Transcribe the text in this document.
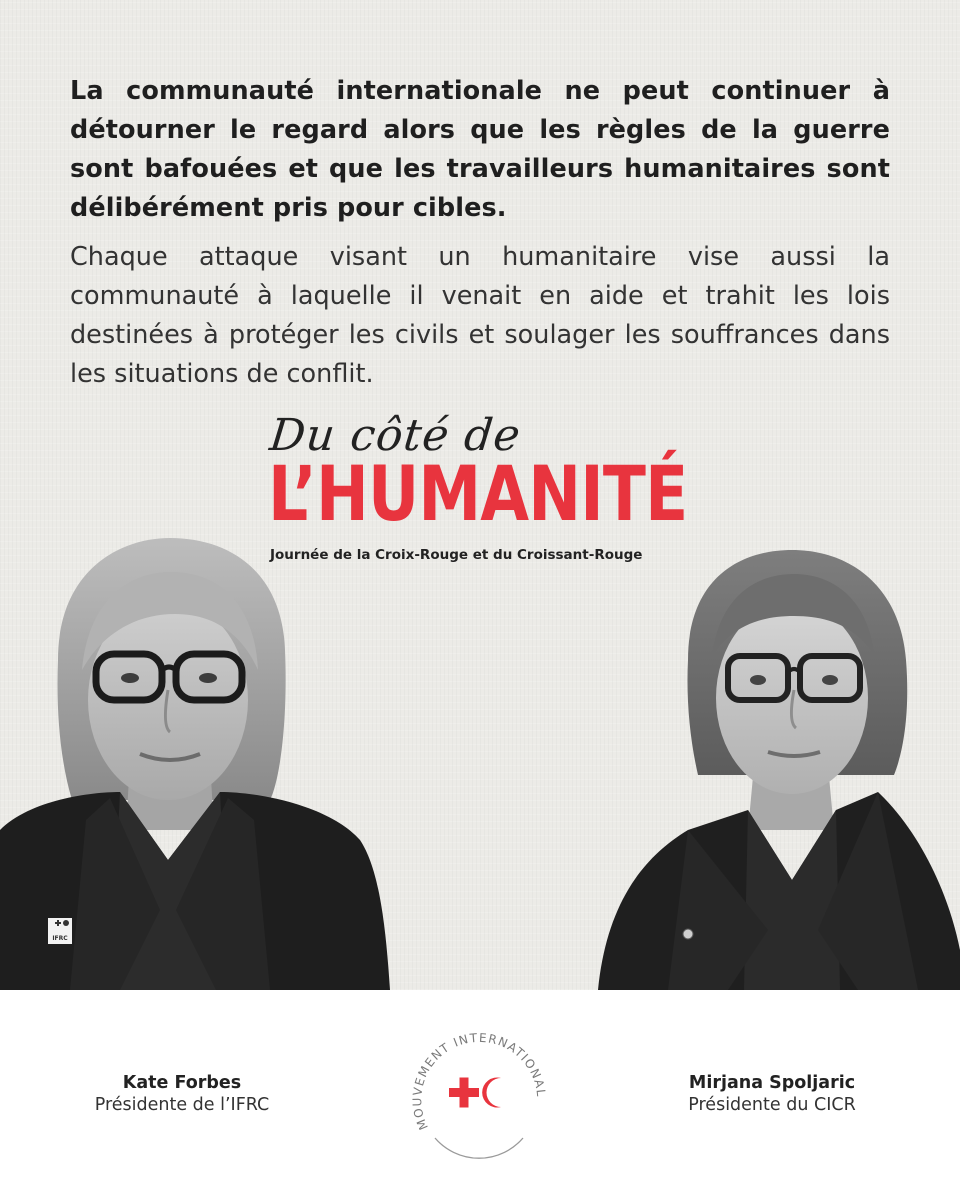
La communauté internationale ne peut continuer à détourner le regard alors que les règles de la guerre sont bafouées et que les travailleurs humanitaires sont délibérément pris pour cibles.

Chaque attaque visant un humanitaire vise aussi la communauté à laquelle il venait en aide et trahit les lois destinées à protéger les civils et soulager les souffrances dans les situations de conflit.

Du côté de

L’HUMANITÉ

Journée de la Croix-Rouge et du Croissant-Rouge

IFRC

Kate Forbes
Présidente de l’IFRC

MOUVEMENT INTERNATIONAL

Mirjana Spoljaric
Présidente du CICR
